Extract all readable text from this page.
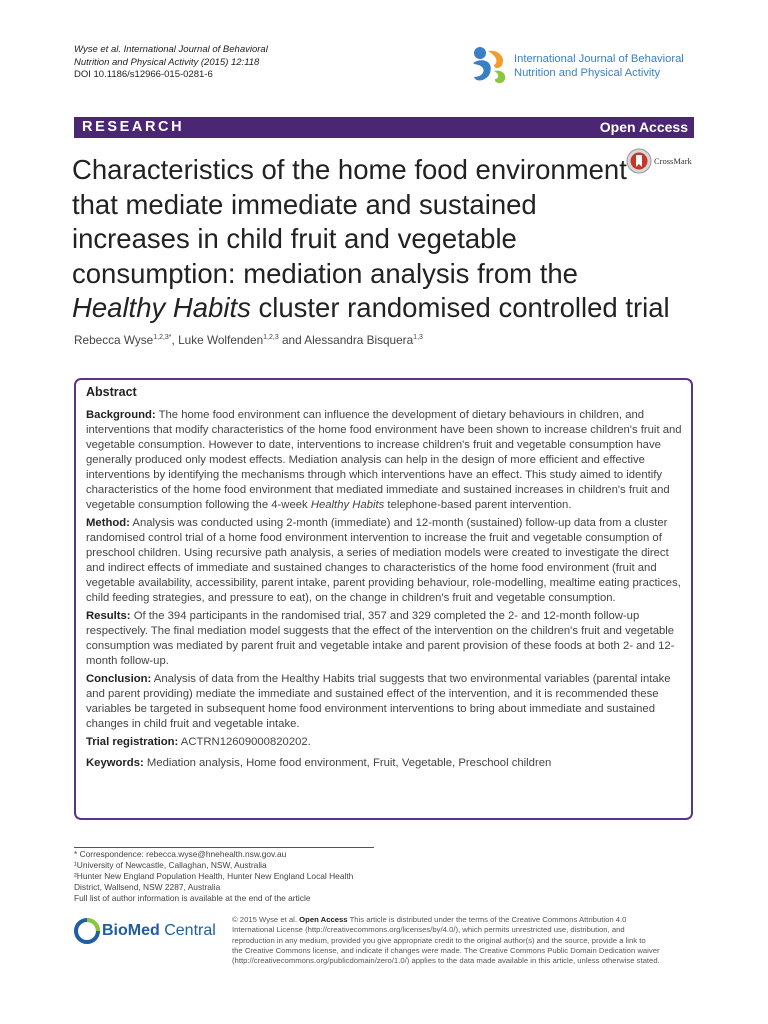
Wyse et al. International Journal of Behavioral
Nutrition and Physical Activity (2015) 12:118
DOI 10.1186/s12966-015-0281-6
International Journal of Behavioral
Nutrition and Physical Activity
RESEARCH	Open Access
Characteristics of the home food environment
that mediate immediate and sustained
increases in child fruit and vegetable
consumption: mediation analysis from the
Healthy Habits cluster randomised controlled trial
CrossMark
Rebecca Wyse$^{1,2,3*}$, Luke Wolfenden$^{1,2,3}$ and Alessandra Bisquera$^{1,3}$
Abstract

Background: The home food environment can influence the development of dietary behaviours in children, and interventions that modify characteristics of the home food environment have been shown to increase children's fruit and vegetable consumption. However to date, interventions to increase children's fruit and vegetable consumption have generally produced only modest effects. Mediation analysis can help in the design of more efficient and effective interventions by identifying the mechanisms through which interventions have an effect. This study aimed to identify characteristics of the home food environment that mediated immediate and sustained increases in children's fruit and vegetable consumption following the 4-week Healthy Habits telephone-based parent intervention.

Method: Analysis was conducted using 2-month (immediate) and 12-month (sustained) follow-up data from a cluster randomised control trial of a home food environment intervention to increase the fruit and vegetable consumption of preschool children. Using recursive path analysis, a series of mediation models were created to investigate the direct and indirect effects of immediate and sustained changes to characteristics of the home food environment (fruit and vegetable availability, accessibility, parent intake, parent providing behaviour, role-modelling, mealtime eating practices, child feeding strategies, and pressure to eat), on the change in children's fruit and vegetable consumption.

Results: Of the 394 participants in the randomised trial, 357 and 329 completed the 2- and 12-month follow-up respectively. The final mediation model suggests that the effect of the intervention on the children's fruit and vegetable consumption was mediated by parent fruit and vegetable intake and parent provision of these foods at both 2- and 12-month follow-up.

Conclusion: Analysis of data from the Healthy Habits trial suggests that two environmental variables (parental intake and parent providing) mediate the immediate and sustained effect of the intervention, and it is recommended these variables be targeted in subsequent home food environment interventions to bring about immediate and sustained changes in child fruit and vegetable intake.

Trial registration: ACTRN12609000820202.

Keywords: Mediation analysis, Home food environment, Fruit, Vegetable, Preschool children

* Correspondence: rebecca.wyse@hnehealth.nsw.gov.au
¹University of Newcastle, Callaghan, NSW, Australia
²Hunter New England Population Health, Hunter New England Local Health
District, Wallsend, NSW 2287, Australia
Full list of author information is available at the end of the article
BioMed Central
© 2015 Wyse et al. Open Access This article is distributed under the terms of the Creative Commons Attribution 4.0
International License (http://creativecommons.org/licenses/by/4.0/), which permits unrestricted use, distribution, and
reproduction in any medium, provided you give appropriate credit to the original author(s) and the source, provide a link to
the Creative Commons license, and indicate if changes were made. The Creative Commons Public Domain Dedication waiver
(http://creativecommons.org/publicdomain/zero/1.0/) applies to the data made available in this article, unless otherwise stated.
